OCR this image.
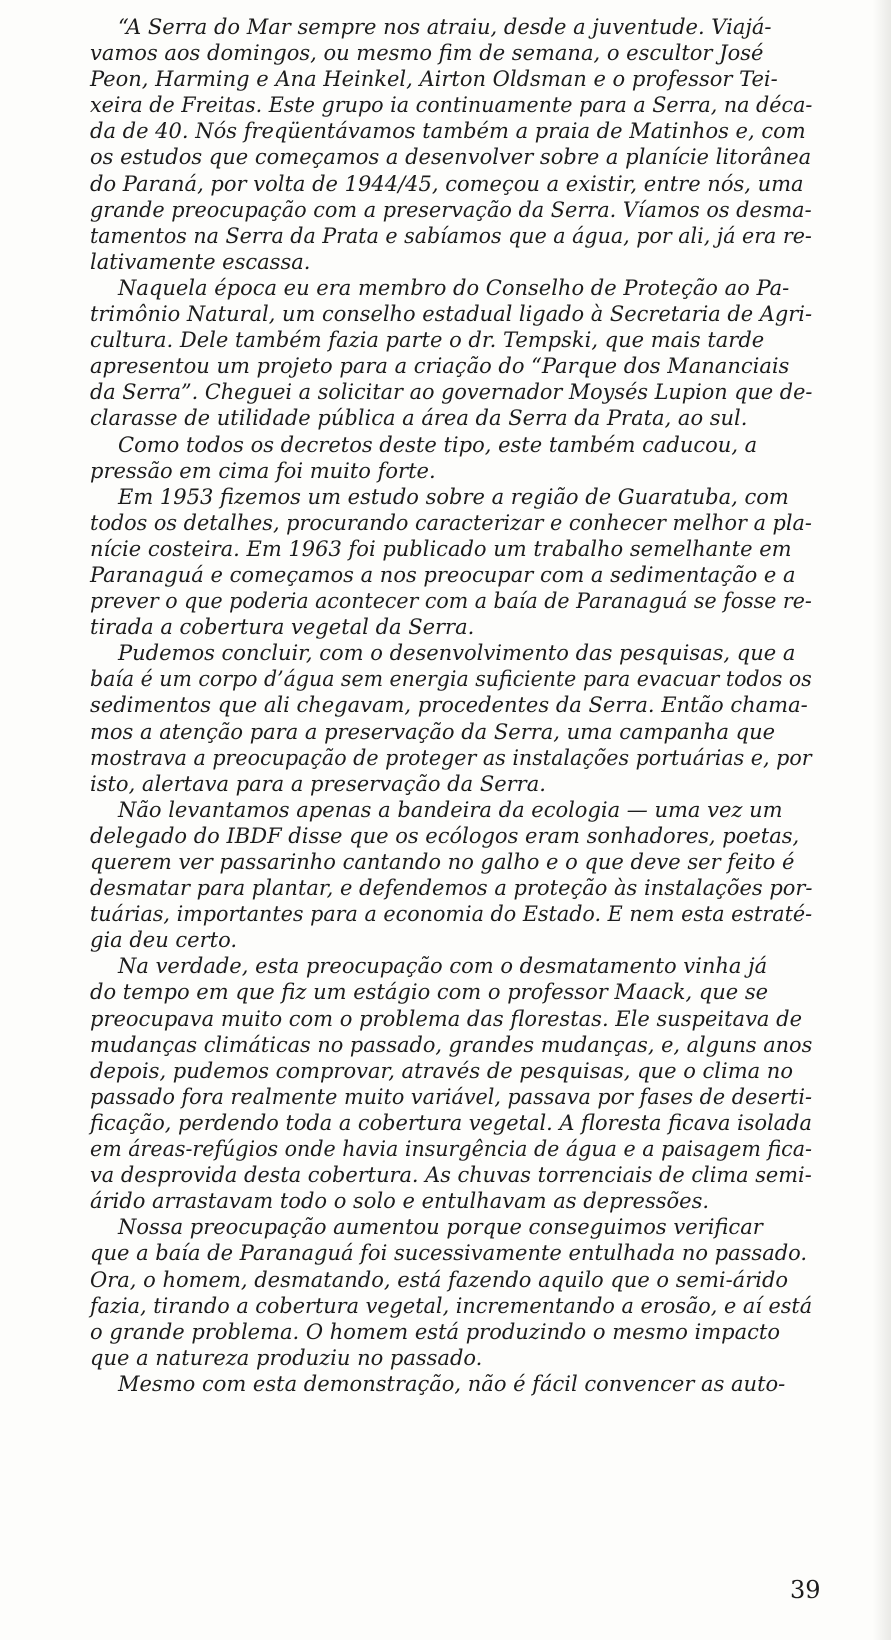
“A Serra do Mar sempre nos atraiu, desde a juventude. Viajá-
vamos aos domingos, ou mesmo fim de semana, o escultor José
Peon, Harming e Ana Heinkel, Airton Oldsman e o professor Tei-
xeira de Freitas. Este grupo ia continuamente para a Serra, na déca-
da de 40. Nós freqüentávamos também a praia de Matinhos e, com
os estudos que começamos a desenvolver sobre a planície litorânea
do Paraná, por volta de 1944/45, começou a existir, entre nós, uma
grande preocupação com a preservação da Serra. Víamos os desma-
tamentos na Serra da Prata e sabíamos que a água, por ali, já era re-
lativamente escassa.
Naquela época eu era membro do Conselho de Proteção ao Pa-
trimônio Natural, um conselho estadual ligado à Secretaria de Agri-
cultura. Dele também fazia parte o dr. Tempski, que mais tarde
apresentou um projeto para a criação do “Parque dos Mananciais
da Serra”. Cheguei a solicitar ao governador Moysés Lupion que de-
clarasse de utilidade pública a área da Serra da Prata, ao sul.
Como todos os decretos deste tipo, este também caducou, a
pressão em cima foi muito forte.
Em 1953 fizemos um estudo sobre a região de Guaratuba, com
todos os detalhes, procurando caracterizar e conhecer melhor a pla-
nície costeira. Em 1963 foi publicado um trabalho semelhante em
Paranaguá e começamos a nos preocupar com a sedimentação e a
prever o que poderia acontecer com a baía de Paranaguá se fosse re-
tirada a cobertura vegetal da Serra.
Pudemos concluir, com o desenvolvimento das pesquisas, que a
baía é um corpo d’água sem energia suficiente para evacuar todos os
sedimentos que ali chegavam, procedentes da Serra. Então chama-
mos a atenção para a preservação da Serra, uma campanha que
mostrava a preocupação de proteger as instalações portuárias e, por
isto, alertava para a preservação da Serra.
Não levantamos apenas a bandeira da ecologia — uma vez um
delegado do IBDF disse que os ecólogos eram sonhadores, poetas,
querem ver passarinho cantando no galho e o que deve ser feito é
desmatar para plantar, e defendemos a proteção às instalações por-
tuárias, importantes para a economia do Estado. E nem esta estraté-
gia deu certo.
Na verdade, esta preocupação com o desmatamento vinha já
do tempo em que fiz um estágio com o professor Maack, que se
preocupava muito com o problema das florestas. Ele suspeitava de
mudanças climáticas no passado, grandes mudanças, e, alguns anos
depois, pudemos comprovar, através de pesquisas, que o clima no
passado fora realmente muito variável, passava por fases de deserti-
ficação, perdendo toda a cobertura vegetal. A floresta ficava isolada
em áreas-refúgios onde havia insurgência de água e a paisagem fica-
va desprovida desta cobertura. As chuvas torrenciais de clima semi-
árido arrastavam todo o solo e entulhavam as depressões.
Nossa preocupação aumentou porque conseguimos verificar
que a baía de Paranaguá foi sucessivamente entulhada no passado.
Ora, o homem, desmatando, está fazendo aquilo que o semi-árido
fazia, tirando a cobertura vegetal, incrementando a erosão, e aí está
o grande problema. O homem está produzindo o mesmo impacto
que a natureza produziu no passado.
Mesmo com esta demonstração, não é fácil convencer as auto-
39
